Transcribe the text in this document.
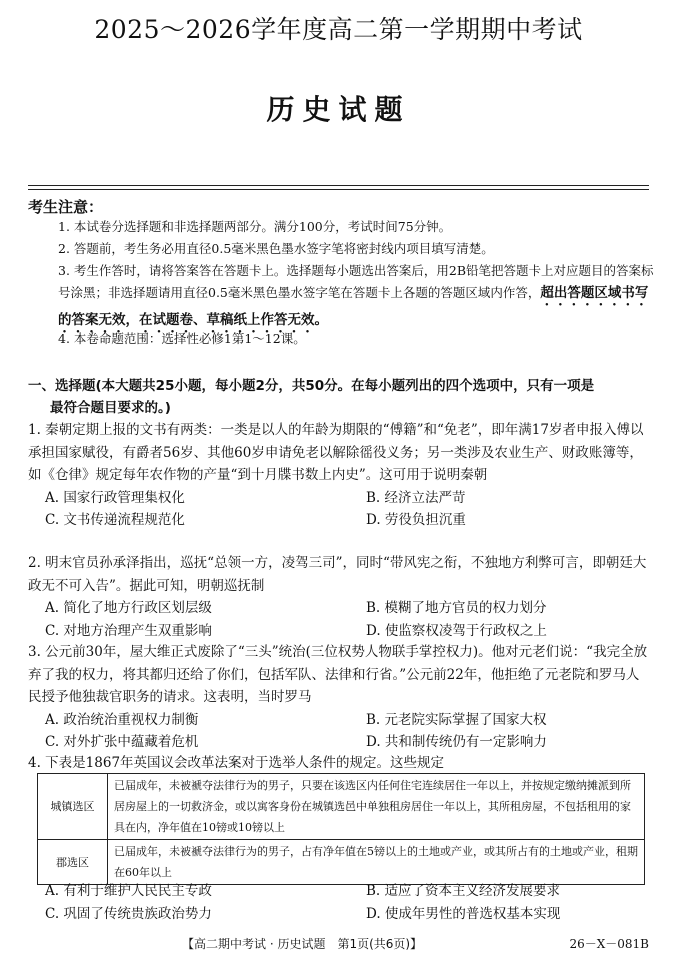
2025～2026学年度高二第一学期期中考试
历史试题
考生注意：
1. 本试卷分选择题和非选择题两部分。满分100分，考试时间75分钟。
2. 答题前，考生务必用直径0.5毫米黑色墨水签字笔将密封线内项目填写清楚。
3. 考生作答时，请将答案答在答题卡上。选择题每小题选出答案后，用2B铅笔把答题卡上对应题目的答案标号涂黑；非选择题请用直径0.5毫米黑色墨水签字笔在答题卡上各题的答题区域内作答，超出答题区域书写的答案无效，在试题卷、草稿纸上作答无效。
4. 本卷命题范围：选择性必修1第1～12课。
一、选择题(本大题共25小题，每小题2分，共50分。在每小题列出的四个选项中，只有一项是
最符合题目要求的。)
1. 秦朝定期上报的文书有两类：一类是以人的年龄为期限的“傅籍”和“免老”，即年满17岁者申报入傅以承担国家赋役，有爵者56岁、其他60岁申请免老以解除徭役义务；另一类涉及农业生产、财政账簿等，如《仓律》规定每年农作物的产量“到十月牒书数上内史”。这可用于说明秦朝
A. 国家行政管理集权化	B. 经济立法严苛
C. 文书传递流程规范化	D. 劳役负担沉重
2. 明末官员孙承泽指出，巡抚“总领一方，凌驾三司”，同时“带风宪之衔，不独地方利弊可言，即朝廷大政无不可入告”。据此可知，明朝巡抚制
A. 简化了地方行政区划层级	B. 模糊了地方官员的权力划分
C. 对地方治理产生双重影响	D. 使监察权凌驾于行政权之上
3. 公元前30年，屋大维正式废除了“三头”统治(三位权势人物联手掌控权力)。他对元老们说：“我完全放弃了我的权力，将其都归还给了你们，包括军队、法律和行省。”公元前22年，他拒绝了元老院和罗马人民授予他独裁官职务的请求。这表明，当时罗马
A. 政治统治重视权力制衡	B. 元老院实际掌握了国家大权
C. 对外扩张中蕴藏着危机	D. 共和制传统仍有一定影响力
4. 下表是1867年英国议会改革法案对于选举人条件的规定。这些规定
城镇选区	已届成年，未被褫夺法律行为的男子，只要在该选区内任何住宅连续居住一年以上，并按规定缴纳摊派到所居房屋上的一切救济金，或以寓客身份在城镇选邑中单独租房居住一年以上，其所租房屋，不包括租用的家具在内，净年值在10镑或10镑以上
郡选区	已届成年，未被褫夺法律行为的男子，占有净年值在5镑以上的土地或产业，或其所占有的土地或产业，租期在60年以上
A. 有利于维护人民民主专政	B. 适应了资本主义经济发展要求
C. 巩固了传统贵族政治势力	D. 使成年男性的普选权基本实现
【高二期中考试 · 历史试题　第1页(共6页)】	26－X－081B
